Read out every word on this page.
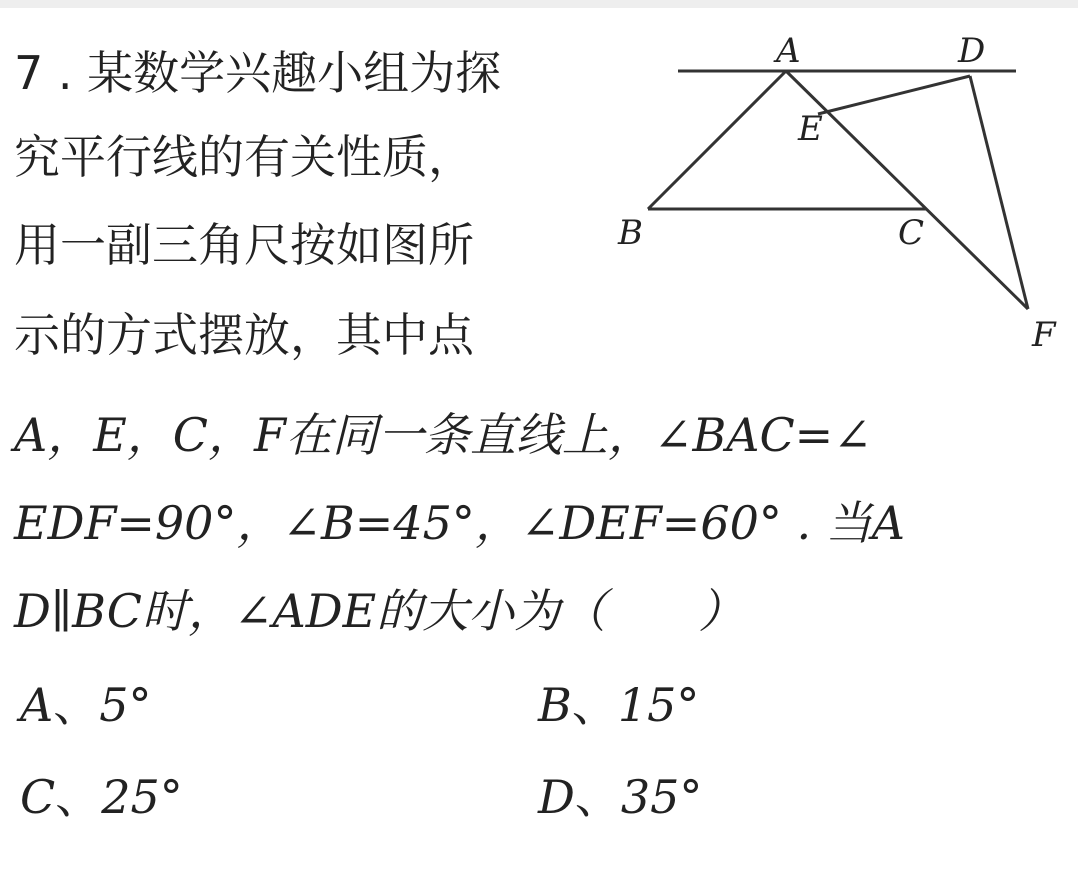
7 . 某数学兴趣小组为探
究平行线的有关性质，
用一副三角尺按如图所
示的方式摆放，其中点
A，E，C，F在同一条直线上，∠BAC=∠
EDF=90°，∠B=45°，∠DEF=60° . 当A
D∥BC时，∠ADE的大小为（　　）
A	D
E
B	C
F
A、5°	B、15°
C、25°	D、35°
